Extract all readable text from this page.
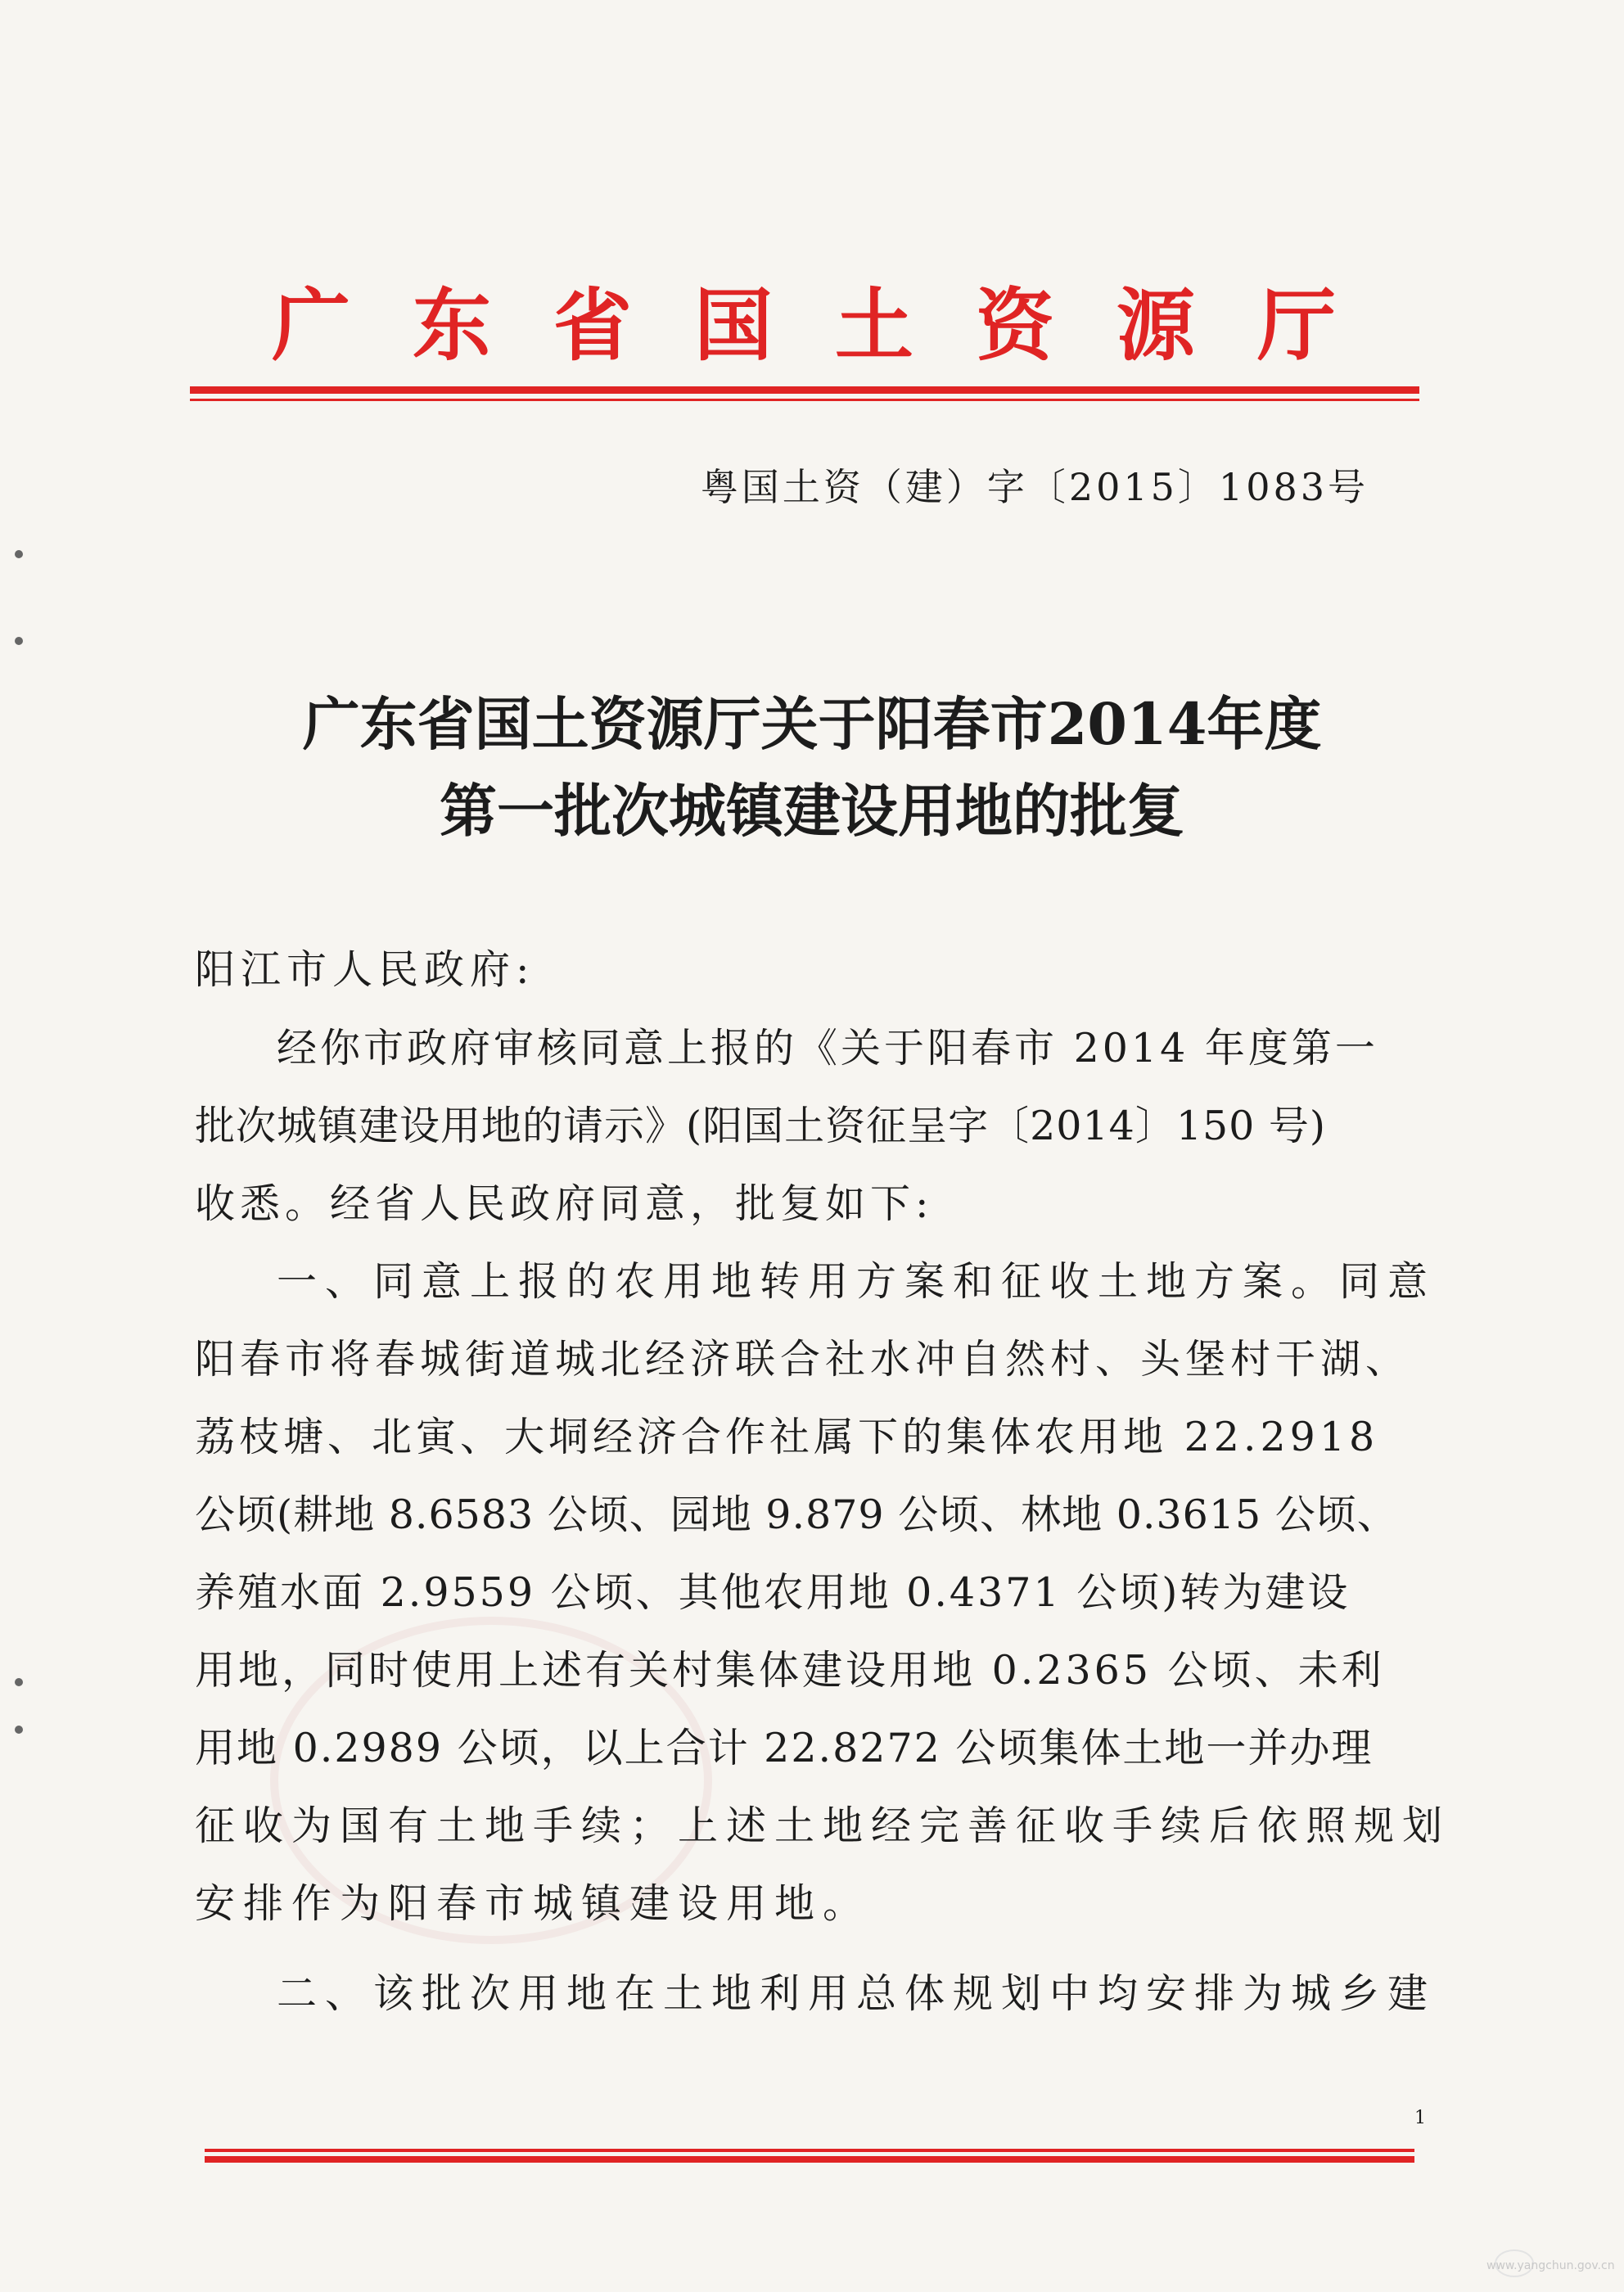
广 东 省 国 土 资 源 厅
粤国土资（建）字〔2015〕1083号
广东省国土资源厅关于阳春市2014年度
第一批次城镇建设用地的批复
阳江市人民政府:
经你市政府审核同意上报的《关于阳春市 2014 年度第一
批次城镇建设用地的请示》(阳国土资征呈字〔2014〕150 号)
收悉。经省人民政府同意，批复如下:
一、同意上报的农用地转用方案和征收土地方案。同意
阳春市将春城街道城北经济联合社水冲自然村、头堡村干湖、
荔枝塘、北寅、大垌经济合作社属下的集体农用地 22.2918
公顷(耕地 8.6583 公顷、园地 9.879 公顷、林地 0.3615 公顷、
养殖水面 2.9559 公顷、其他农用地 0.4371 公顷)转为建设
用地，同时使用上述有关村集体建设用地 0.2365 公顷、未利
用地 0.2989 公顷，以上合计 22.8272 公顷集体土地一并办理
征收为国有土地手续；上述土地经完善征收手续后依照规划
安排作为阳春市城镇建设用地。
二、该批次用地在土地利用总体规划中均安排为城乡建
1
www.yangchun.gov.cn
